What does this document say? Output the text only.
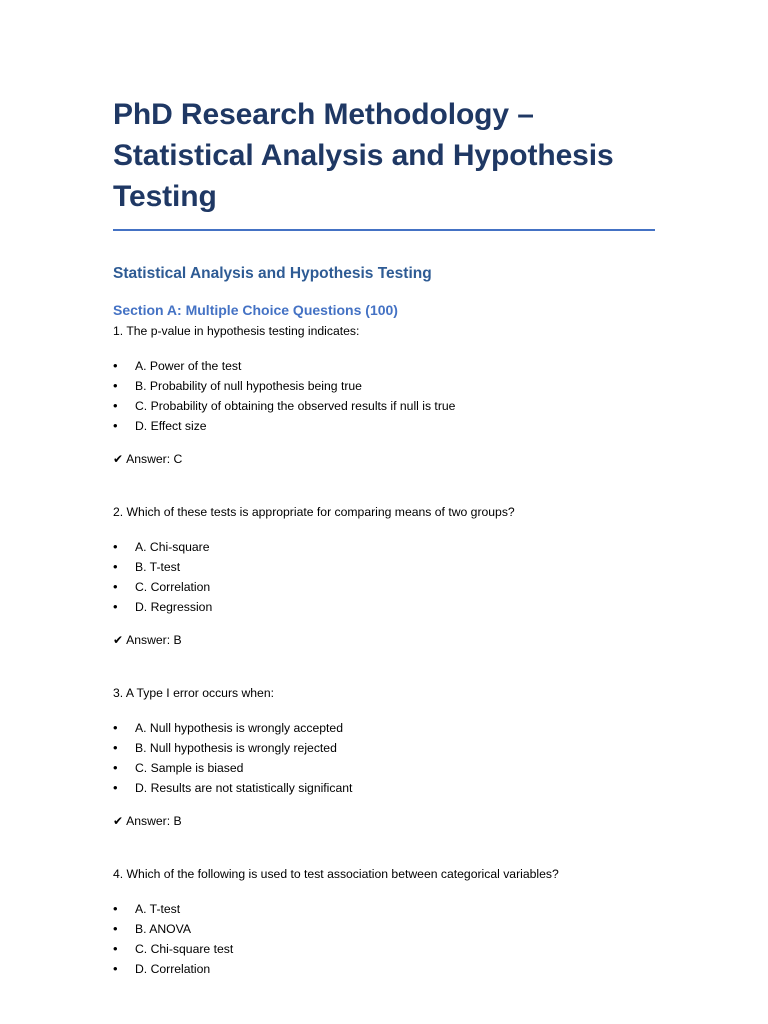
PhD Research Methodology – Statistical Analysis and Hypothesis Testing
Statistical Analysis and Hypothesis Testing
Section A: Multiple Choice Questions (100)

1. The p-value in hypothesis testing indicates:

• A. Power of the test
• B. Probability of null hypothesis being true
• C. Probability of obtaining the observed results if null is true
• D. Effect size

✔ Answer: C

2. Which of these tests is appropriate for comparing means of two groups?

• A. Chi-square
• B. T-test
• C. Correlation
• D. Regression

✔ Answer: B

3. A Type I error occurs when:

• A. Null hypothesis is wrongly accepted
• B. Null hypothesis is wrongly rejected
• C. Sample is biased
• D. Results are not statistically significant

✔ Answer: B

4. Which of the following is used to test association between categorical variables?

• A. T-test
• B. ANOVA
• C. Chi-square test
• D. Correlation
